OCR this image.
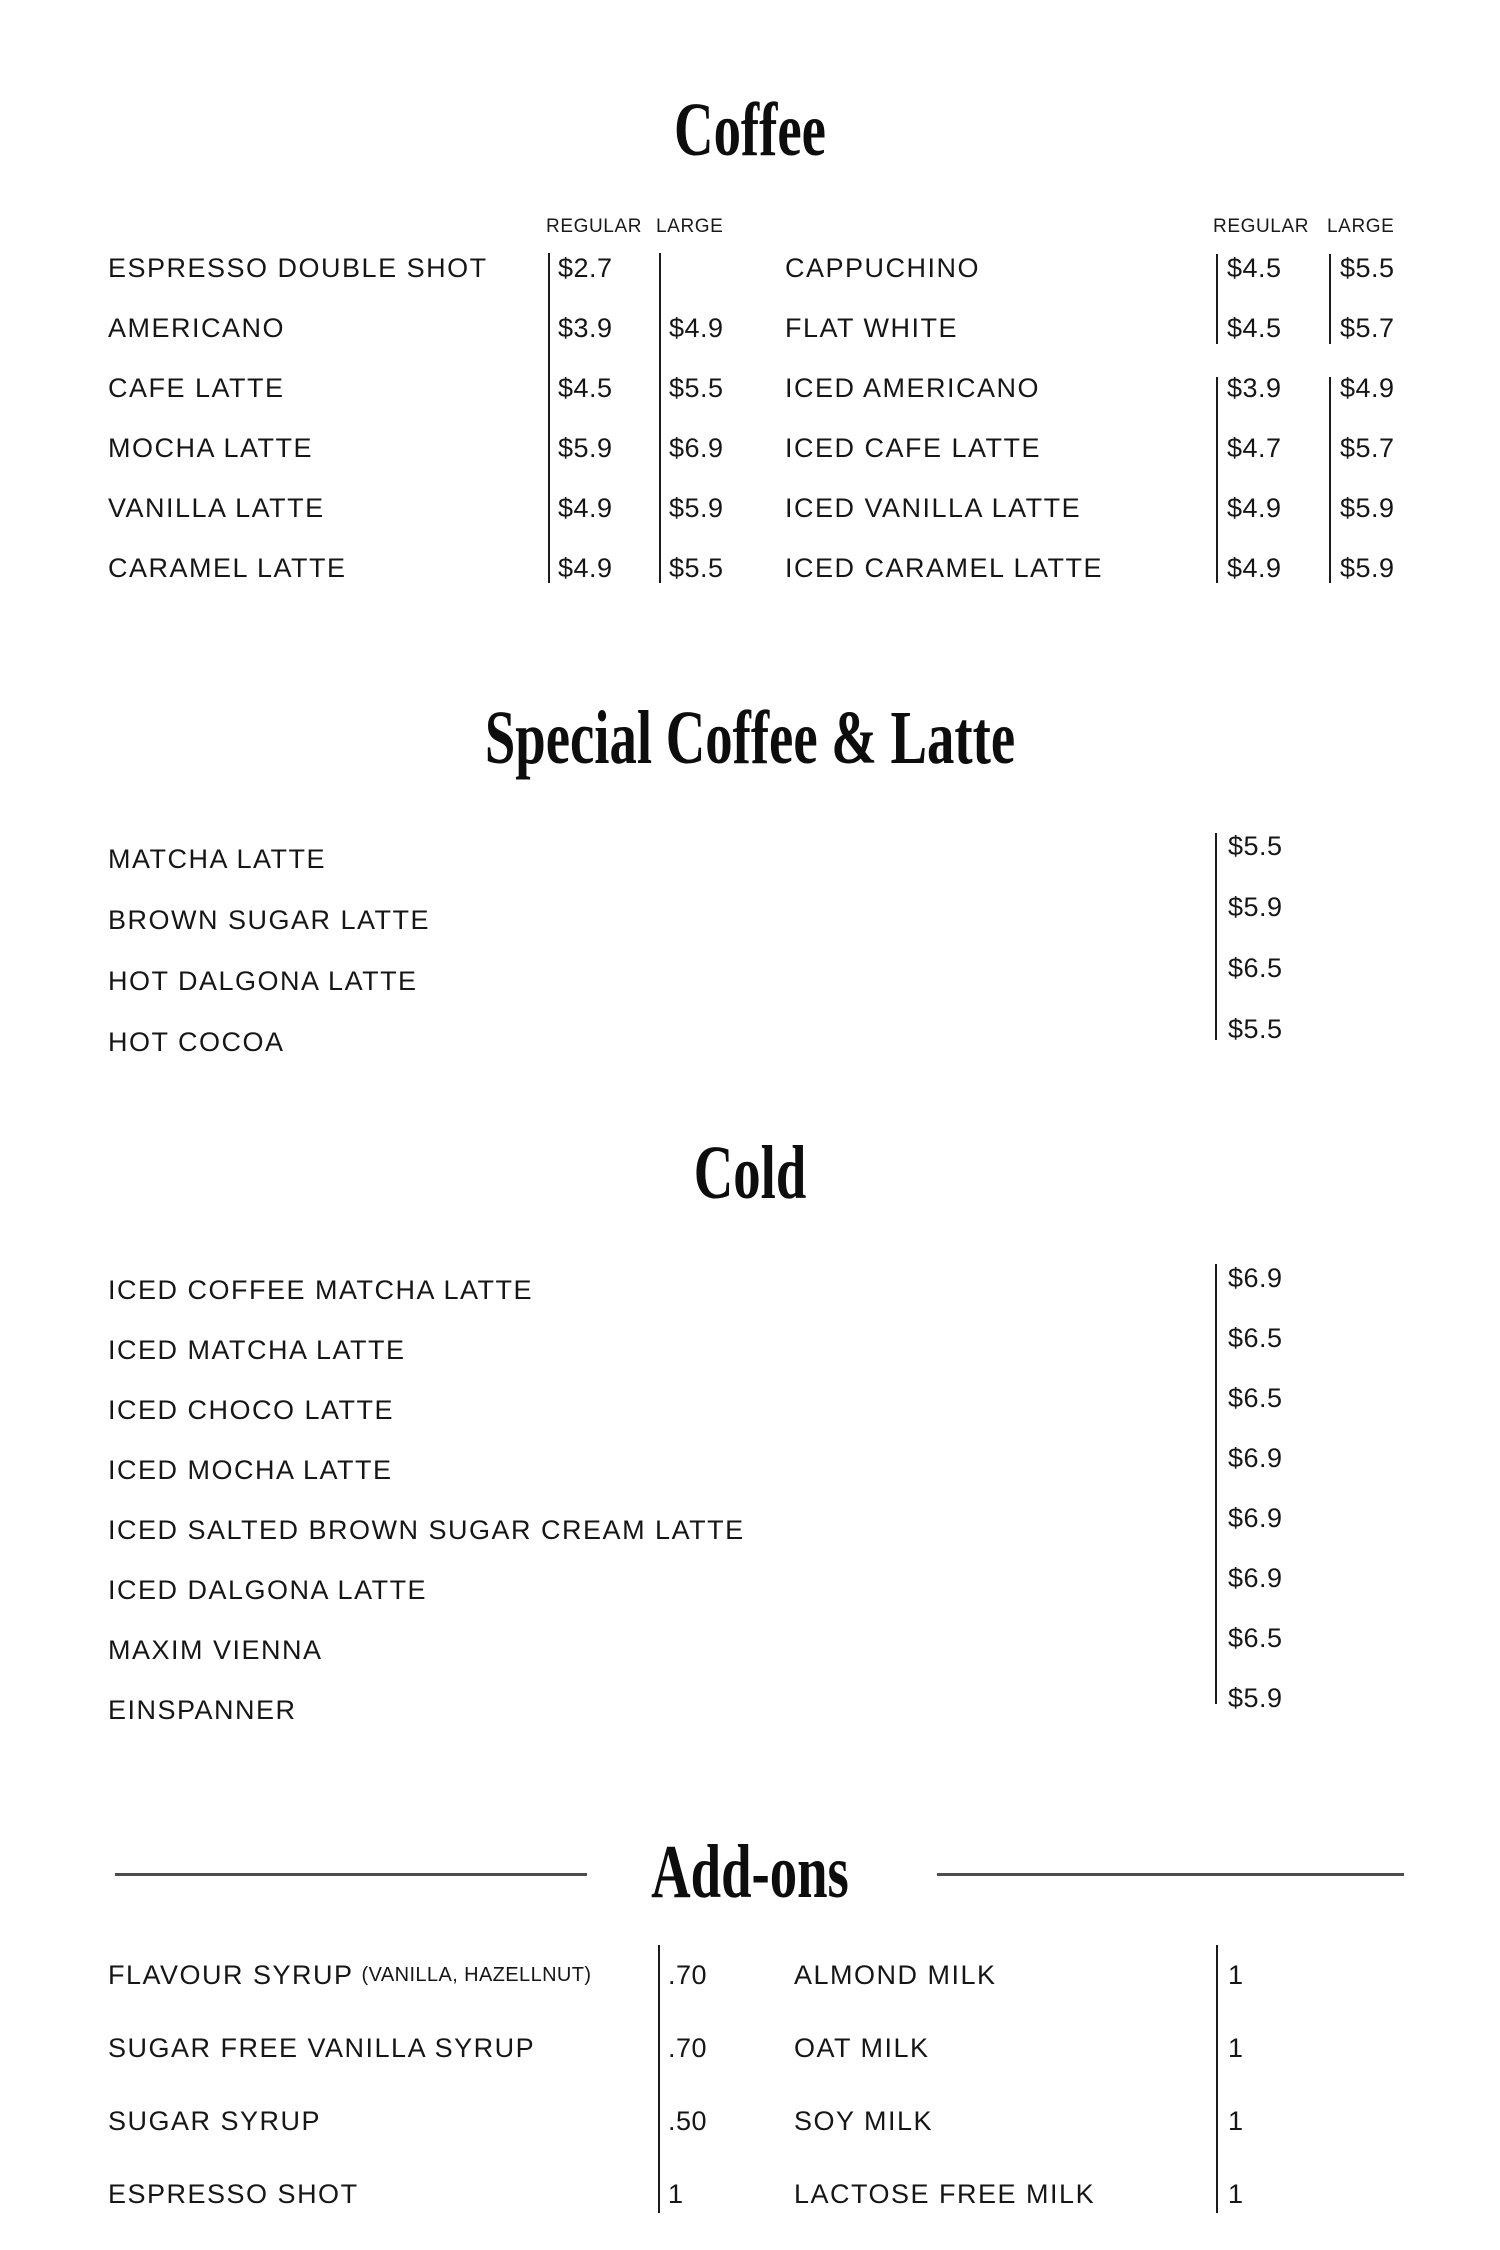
Coffee
REGULAR LARGE	REGULAR LARGE
ESPRESSO DOUBLE SHOT
AMERICANO
CAFE LATTE
MOCHA LATTE
VANILLA LATTE
CARAMEL LATTE
$2.7
$3.9
$4.5
$5.9
$4.9
$4.9
$4.9
$5.5
$6.9
$5.9
$5.5
CAPPUCHINO
FLAT WHITE
ICED AMERICANO
ICED CAFE LATTE
ICED VANILLA LATTE
ICED CARAMEL LATTE
$4.5
$4.5
$3.9
$4.7
$4.9
$4.9
$5.5
$5.7
$4.9
$5.7
$5.9
$5.9
Special Coffee & Latte
MATCHA LATTE
BROWN SUGAR LATTE
HOT DALGONA LATTE
HOT COCOA
$5.5
$5.9
$6.5
$5.5
Cold
ICED COFFEE MATCHA LATTE
ICED MATCHA LATTE
ICED CHOCO LATTE
ICED MOCHA LATTE
ICED SALTED BROWN SUGAR CREAM LATTE
ICED DALGONA LATTE
MAXIM VIENNA
EINSPANNER
$6.9
$6.5
$6.5
$6.9
$6.9
$6.9
$6.5
$5.9
Add-ons
FLAVOUR SYRUP (VANILLA, HAZELLNUT)
SUGAR FREE VANILLA SYRUP
SUGAR SYRUP
ESPRESSO SHOT
.70
.70
.50
1
ALMOND MILK
OAT MILK
SOY MILK
LACTOSE FREE MILK
1
1
1
1
